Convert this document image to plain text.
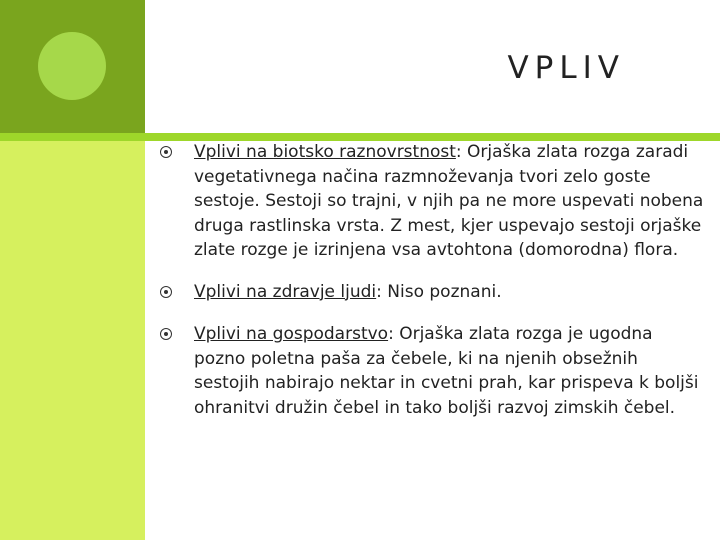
VPLIV
Vplivi na biotsko raznovrstnost: Orjaška zlata rozga zaradi vegetativnega načina razmnoževanja tvori zelo goste sestoje. Sestoji so trajni, v njih pa ne more uspevati nobena druga rastlinska vrsta. Z mest, kjer uspevajo sestoji orjaške zlate rozge je izrinjena vsa avtohtona (domorodna) flora.
Vplivi na zdravje ljudi: Niso poznani.
Vplivi na gospodarstvo: Orjaška zlata rozga je ugodna pozno poletna paša za čebele, ki na njenih obsežnih sestojih nabirajo nektar in cvetni prah, kar prispeva k boljši ohranitvi družin čebel in tako boljši razvoj zimskih čebel.
